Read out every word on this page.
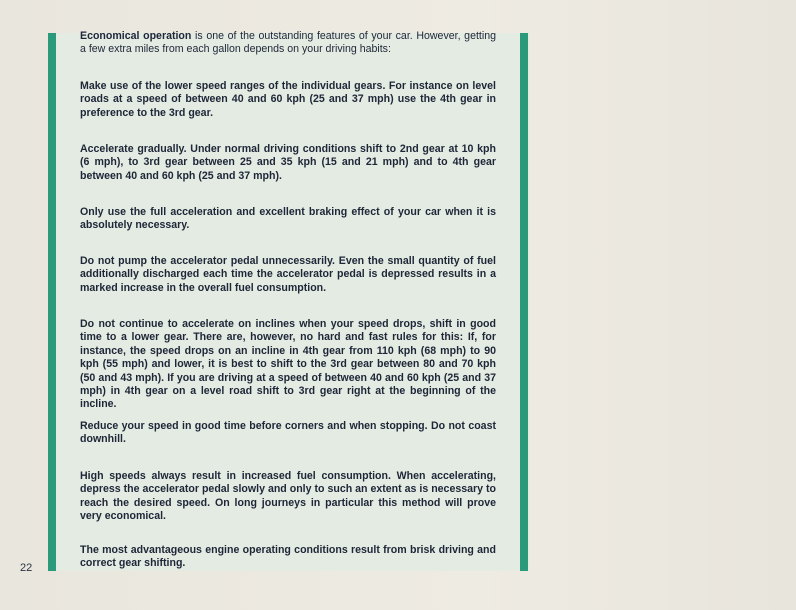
Economical operation is one of the outstanding features of your car. However, getting a few extra miles from each gallon depends on your driving habits:

Make use of the lower speed ranges of the individual gears. For instance on level roads at a speed of between 40 and 60 kph (25 and 37 mph) use the 4th gear in preference to the 3rd gear.

Accelerate gradually. Under normal driving conditions shift to 2nd gear at 10 kph (6 mph), to 3rd gear between 25 and 35 kph (15 and 21 mph) and to 4th gear between 40 and 60 kph (25 and 37 mph).

Only use the full acceleration and excellent braking effect of your car when it is absolutely necessary.

Do not pump the accelerator pedal unnecessarily. Even the small quantity of fuel additionally discharged each time the accelerator pedal is depressed results in a marked increase in the overall fuel consumption.

Do not continue to accelerate on inclines when your speed drops, shift in good time to a lower gear. There are, however, no hard and fast rules for this: If, for instance, the speed drops on an incline in 4th gear from 110 kph (68 mph) to 90 kph (55 mph) and lower, it is best to shift to the 3rd gear between 80 and 70 kph (50 and 43 mph). If you are driving at a speed of between 40 and 60 kph (25 and 37 mph) in 4th gear on a level road shift to 3rd gear right at the beginning of the incline.

Reduce your speed in good time before corners and when stopping. Do not coast downhill.

High speeds always result in increased fuel consumption. When accelerating, depress the accelerator pedal slowly and only to such an extent as is necessary to reach the desired speed. On long journeys in particular this method will prove very economical.

The most advantageous engine operating conditions result from brisk driving and correct gear shifting.

22
